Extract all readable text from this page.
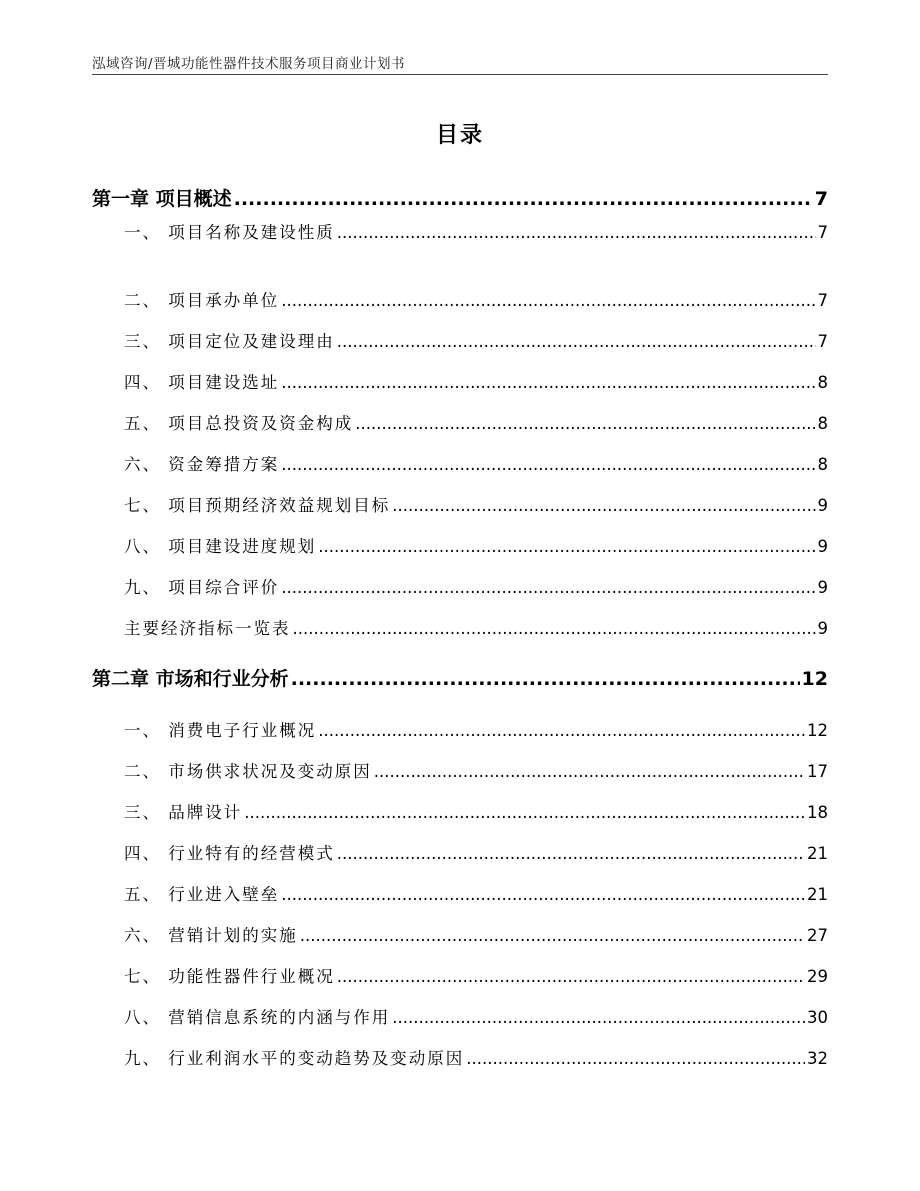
泓域咨询/晋城功能性器件技术服务项目商业计划书
目录
第一章 项目概述 .....	7
一、 项目名称及建设性质 .....	7
二、 项目承办单位 .....	7
三、 项目定位及建设理由 .....	7
四、 项目建设选址 .....	8
五、 项目总投资及资金构成 .....	8
六、 资金筹措方案 .....	8
七、 项目预期经济效益规划目标 .....	9
八、 项目建设进度规划 .....	9
九、 项目综合评价 .....	9
主要经济指标一览表 .....	9
第二章 市场和行业分析 .....	12
一、 消费电子行业概况 .....	12
二、 市场供求状况及变动原因 .....	17
三、 品牌设计 .....	18
四、 行业特有的经营模式 .....	21
五、 行业进入壁垒 .....	21
六、 营销计划的实施 .....	27
七、 功能性器件行业概况 .....	29
八、 营销信息系统的内涵与作用 .....	30
九、 行业利润水平的变动趋势及变动原因 .....	32
